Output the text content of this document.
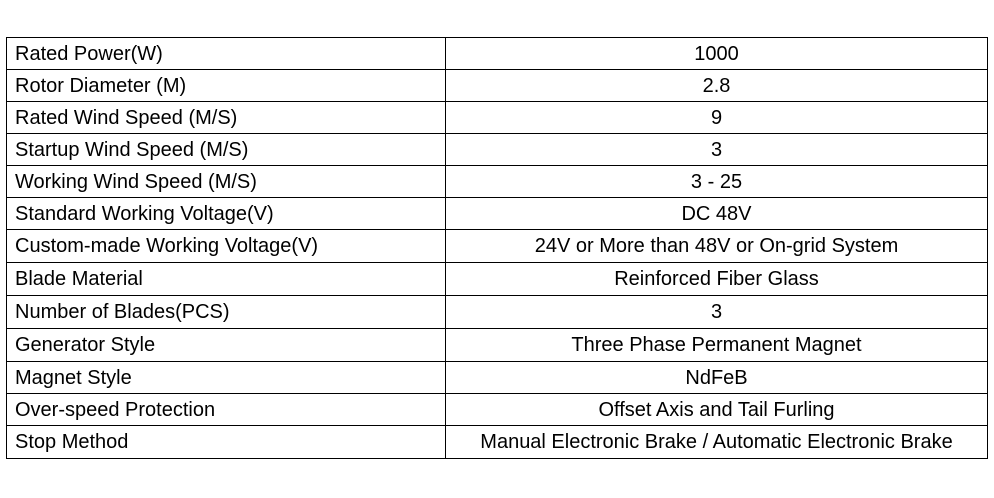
Rated Power(W)	1000
Rotor Diameter (M)	2.8
Rated Wind Speed (M/S)	9
Startup Wind Speed (M/S)	3
Working Wind Speed (M/S)	3 - 25
Standard Working Voltage(V)	DC 48V
Custom-made Working Voltage(V)	24V or More than 48V or On-grid System
Blade Material	Reinforced Fiber Glass
Number of Blades(PCS)	3
Generator Style	Three Phase Permanent Magnet
Magnet Style	NdFeB
Over-speed Protection	Offset Axis and Tail Furling
Stop Method	Manual Electronic Brake / Automatic Electronic Brake
